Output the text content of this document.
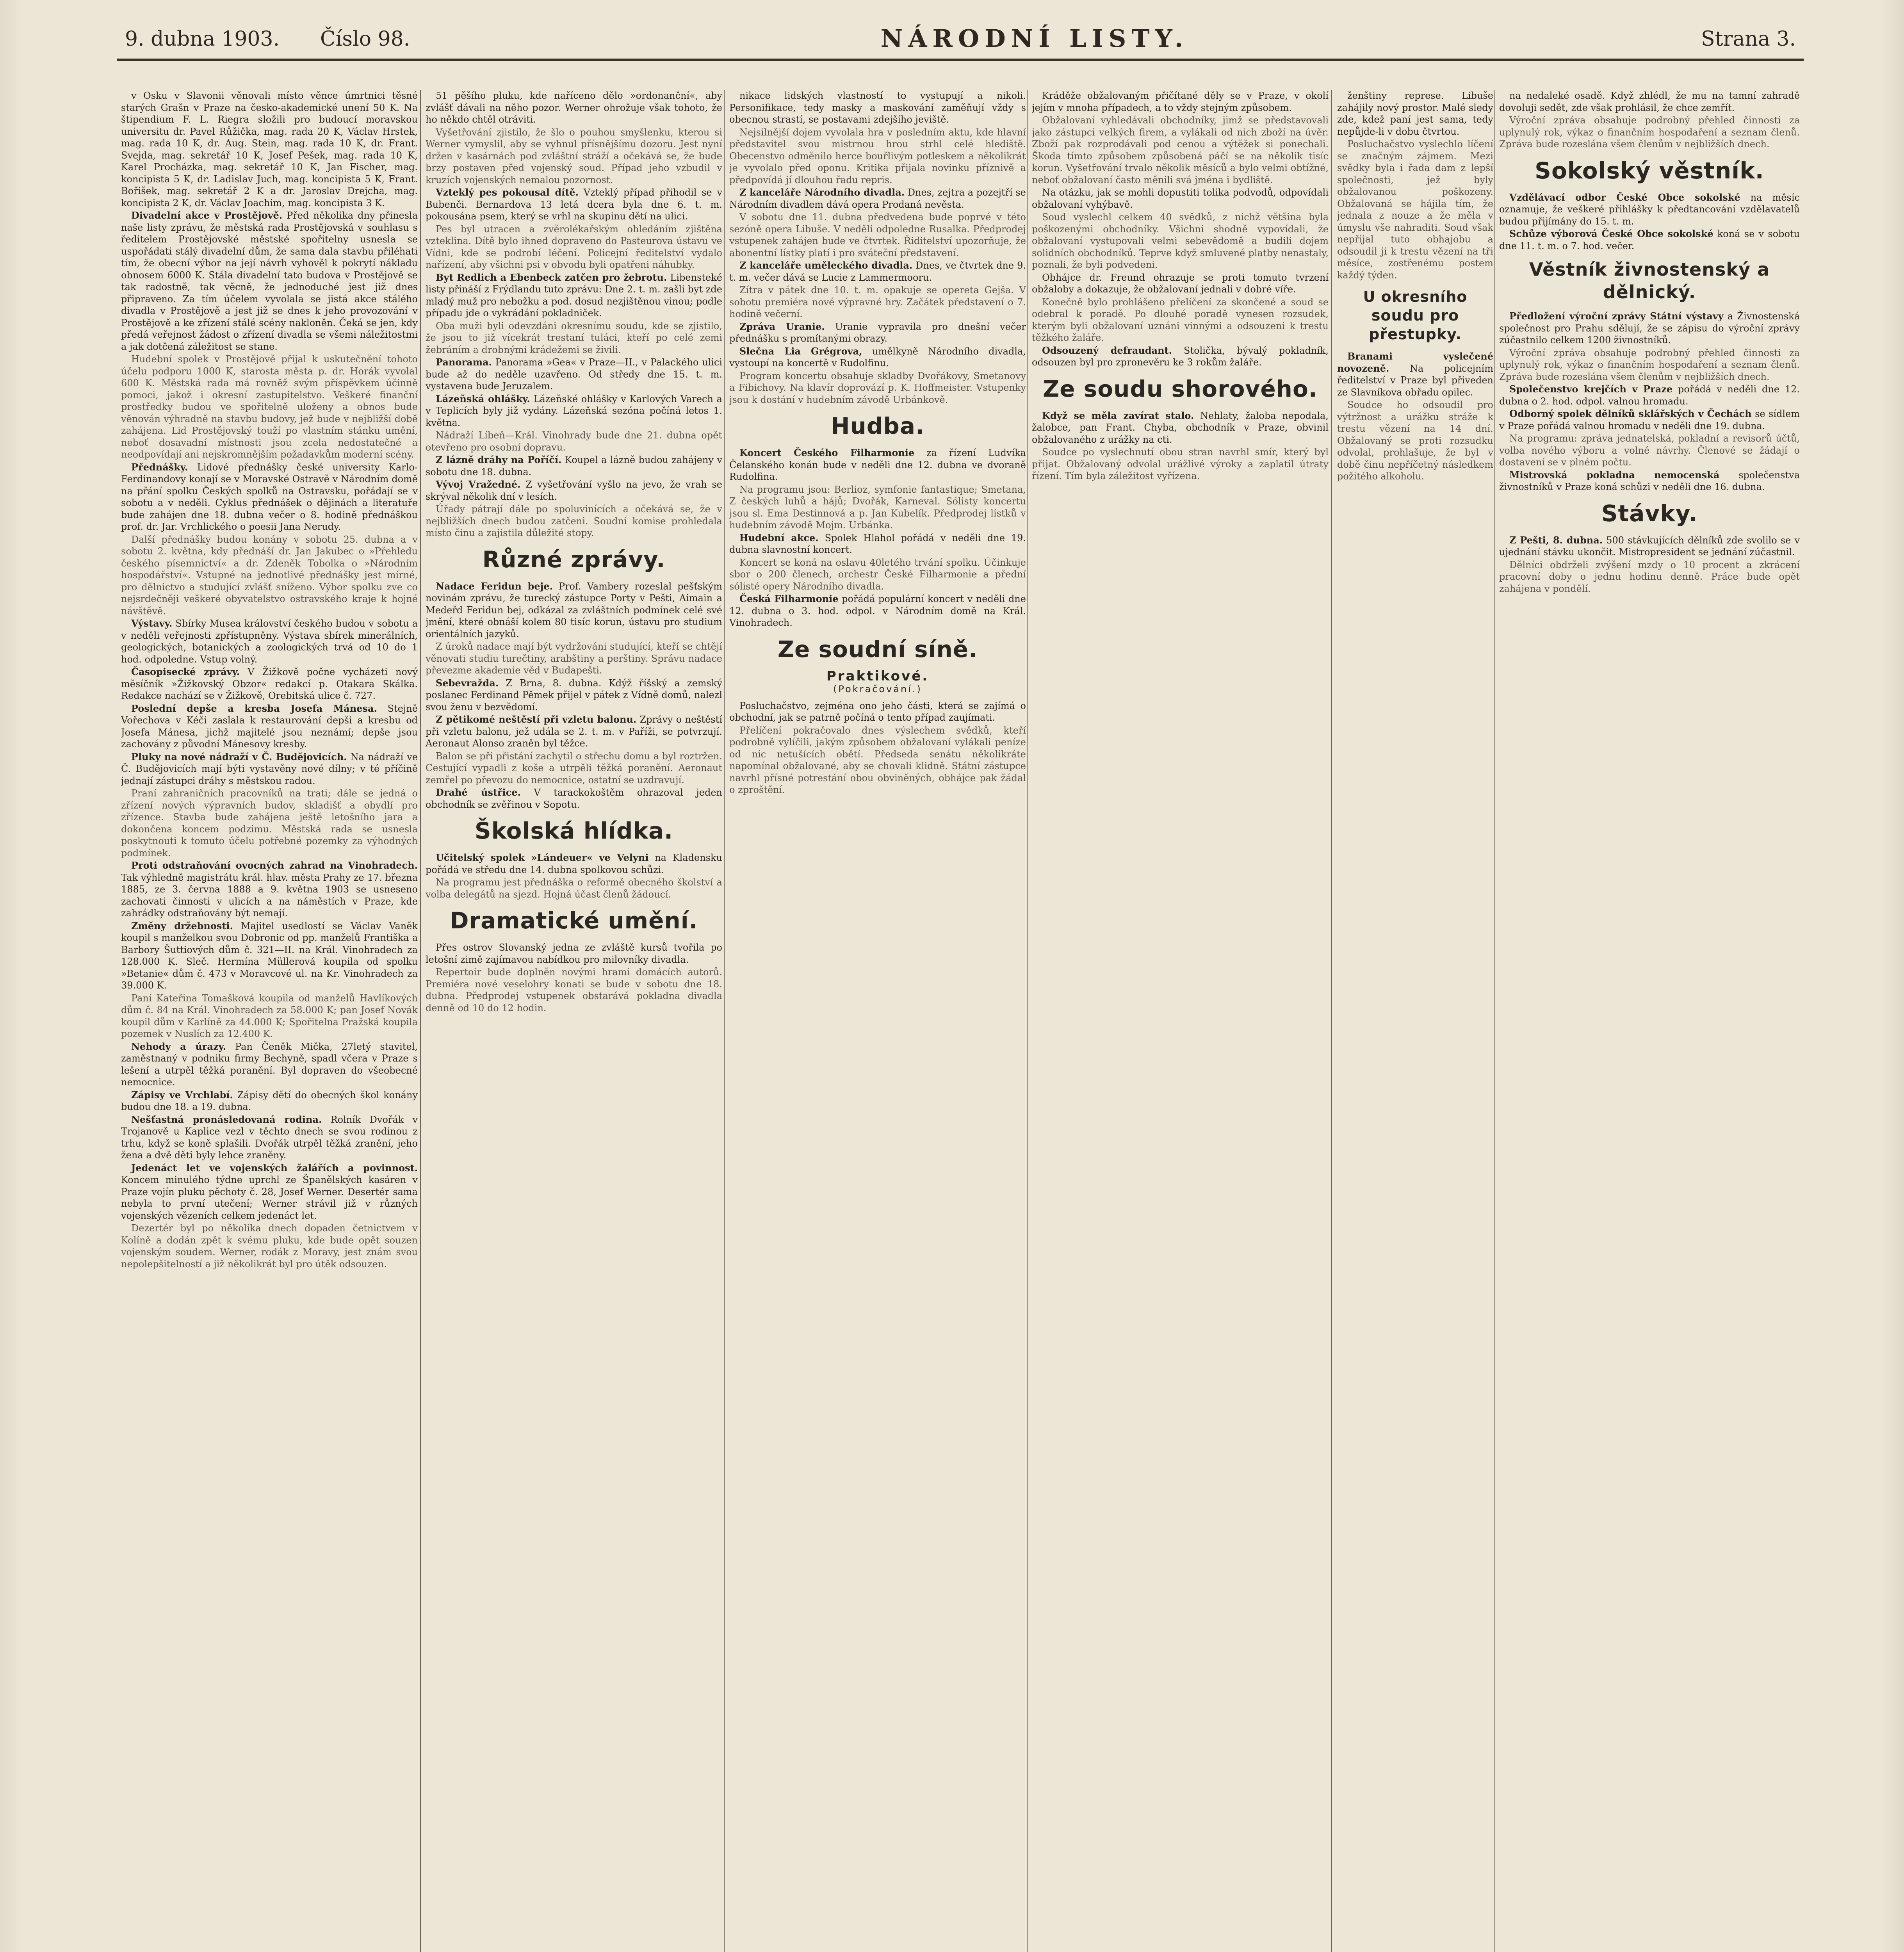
9. dubna 1903. Číslo 98.	NÁRODNÍ LISTY.	Strana 3.

v Osku v Slavonii věnovali místo věnce úmrtnici těsné starých Grašn v Praze na česko-akademické unení 50 K. Na štipendium F. L. Riegra složili pro budoucí moravskou universitu dr. Pavel Růžička, mag. rada 20 K, Václav Hrstek, mag. rada 10 K, dr. Aug. Stein, mag. rada 10 K, dr. Frant. Svejda, mag. sekretář 10 K, Josef Pešek, mag. rada 10 K, Karel Procházka, mag. sekretář 10 K, Jan Fischer, mag. koncipista 5 K, dr. Ladislav Juch, mag. koncipista 5 K, Frant. Bořišek, mag. sekretář 2 K a dr. Jaroslav Drejcha, mag. koncipista 2 K, dr. Václav Joachim, mag. koncipista 3 K.

Divadelní akce v Prostějově. Před několika dny přinesla naše listy zprávu, že městská rada Prostějovská v souhlasu s ředitelem Prostějovské městské spořitelny usnesla se uspořádati stálý divadelní dům, že sama dala stavbu přiléhati tím, že obecní výbor na její návrh vyhověl k pokrytí nákladu obnosem 6000 K. Stála divadelní tato budova v Prostějově se tak radostně, tak věcně, že jednoduché jest již dnes připraveno. Za tím účelem vyvolala se jistá akce stálého divadla v Prostějově a jest již se dnes k jeho provozování v Prostějově a ke zřízení stálé scény nakloněn. Čeká se jen, kdy předá veřejnost žádost o zřízení divadla se všemi náležitostmi a jak dotčená záležitost se stane.

Hudební spolek v Prostějově přijal k uskutečnění tohoto účelu podporu 1000 K, starosta města p. dr. Horák vyvolal 600 K. Městská rada má rovněž svým příspěvkem účinně pomoci, jakož i okresní zastupitelstvo. Veškeré finanční prostředky budou ve spořitelně uloženy a obnos bude věnován výhradně na stavbu budovy, jež bude v nejbližší době zahájena. Lid Prostějovský touží po vlastním stánku umění, neboť dosavadní místnosti jsou zcela nedostatečné a neodpovídají ani nejskromnějším požadavkům moderní scény.

Přednášky. Lidové přednášky české university Karlo-Ferdinandovy konají se v Moravské Ostravě v Národním domě na přání spolku Českých spolků na Ostravsku, pořádají se v sobotu a v neděli. Cyklus přednášek o dějinách a literatuře bude zahájen dne 18. dubna večer o 8. hodině přednáškou prof. dr. Jar. Vrchlického o poesii Jana Nerudy.

Další přednášky budou konány v sobotu 25. dubna a v sobotu 2. května, kdy přednáší dr. Jan Jakubec o »Přehledu českého písemnictví« a dr. Zdeněk Tobolka o »Národním hospodářství«. Vstupné na jednotlivé přednášky jest mírné, pro dělnictvo a studující zvlášť sníženo. Výbor spolku zve co nejsrdečněji veškeré obyvatelstvo ostravského kraje k hojné návštěvě.

Výstavy. Sbírky Musea království českého budou v sobotu a v neděli veřejnosti zpřístupněny. Výstava sbírek minerálních, geologických, botanických a zoologických trvá od 10 do 1 hod. odpoledne. Vstup volný.

Časopisecké zprávy. V Žižkově počne vycházeti nový měsíčník »Žižkovský Obzor« redakcí p. Otakara Skálka. Redakce nachází se v Žižkově, Orebitská ulice č. 727.

Poslední depše a kresba Josefa Mánesa. Stejně Vořechova v Kéči zaslala k restaurování depši a kresbu od Josefa Mánesa, jichž majitelé jsou neznámí; depše jsou zachovány z původní Mánesovy kresby.

Pluky na nové nádraží v Č. Budějovicích. Na nádraží ve Č. Budějovicích mají býti vystavěny nové dílny; v té příčině jednají zástupci dráhy s městskou radou.

Praní zahraničních pracovníků na trati; dále se jedná o zřízení nových výpravních budov, skladišť a obydlí pro zřízence. Stavba bude zahájena ještě letošního jara a dokončena koncem podzimu. Městská rada se usnesla poskytnouti k tomuto účelu potřebné pozemky za výhodných podmínek.

Proti odstraňování ovocných zahrad na Vinohradech. Tak výhledně magistrátu král. hlav. města Prahy ze 17. března 1885, ze 3. června 1888 a 9. května 1903 se usneseno zachovati činnosti v ulicích a na náměstích v Praze, kde zahrádky odstraňovány být nemají.

Změny držebnosti. Majitel usedlostí se Václav Vaněk koupil s manželkou svou Dobronic od pp. manželů Františka a Barbory Šuttiových dům č. 321—II. na Král. Vinohradech za 128.000 K. Sleč. Hermína Müllerová koupila od spolku »Betanie« dům č. 473 v Moravcové ul. na Kr. Vinohradech za 39.000 K.

Paní Kateřina Tomašková koupila od manželů Havlíkových dům č. 84 na Král. Vinohradech za 58.000 K; pan Josef Novák koupil dům v Karlíně za 44.000 K; Spořitelna Pražská koupila pozemek v Nuslích za 12.400 K.

Nehody a úrazy. Pan Čeněk Mička, 27letý stavitel, zaměstnaný v podniku firmy Bechyně, spadl včera v Praze s lešení a utrpěl těžká poranění. Byl dopraven do všeobecné nemocnice.

Zápisy ve Vrchlabí. Zápisy dětí do obecných škol konány budou dne 18. a 19. dubna.

Nešťastná pronásledovaná rodina. Rolník Dvořák v Trojanově u Kaplice vezl v těchto dnech se svou rodinou z trhu, když se koně splašili. Dvořák utrpěl těžká zranění, jeho žena a dvě děti byly lehce zraněny.

Jedenáct let ve vojenských žalářích a povinnost. Koncem minulého týdne uprchl ze Španělských kasáren v Praze vojín pluku pěchoty č. 28, Josef Werner. Desertér sama nebyla to první utečení; Werner strávil již v různých vojenských vězeních celkem jedenáct let.

Dezertér byl po několika dnech dopaden četnictvem v Kolíně a dodán zpět k svému pluku, kde bude opět souzen vojenským soudem. Werner, rodák z Moravy, jest znám svou nepolepšitelností a již několikrát byl pro útěk odsouzen.

51 pěšího pluku, kde naříceno dělo »ordonanční«, aby zvlášť dávali na něho pozor. Werner ohrožuje však tohoto, že ho někdo chtěl otráviti.

Vyšetřování zjistilo, že šlo o pouhou smyšlenku, kterou si Werner vymyslil, aby se vyhnul přísnějšímu dozoru. Jest nyní držen v kasárnách pod zvláštní stráží a očekává se, že bude brzy postaven před vojenský soud. Případ jeho vzbudil v kruzích vojenských nemalou pozornost.

Vzteklý pes pokousal dítě. Vzteklý případ přihodil se v Bubenči. Bernardova 13 letá dcera byla dne 6. t. m. pokousána psem, který se vrhl na skupinu dětí na ulici.

Pes byl utracen a zvěrolékařským ohledáním zjištěna vzteklina. Dítě bylo ihned dopraveno do Pasteurova ústavu ve Vídni, kde se podrobí léčení. Policejní ředitelství vydalo nařízení, aby všichni psi v obvodu byli opatřeni náhubky.

Byt Redlich a Ebenbeck zatčen pro žebrotu. Libensteké listy přináší z Frýdlandu tuto zprávu: Dne 2. t. m. zašli byt zde mladý muž pro nebožku a pod. dosud nezjištěnou vinou; podle případu jde o vykrádání pokladniček.

Oba muži byli odevzdáni okresnímu soudu, kde se zjistilo, že jsou to již vícekrát trestaní tuláci, kteří po celé zemi žebráním a drobnými krádežemi se živili.

Panorama. Panorama »Gea« v Praze—II., v Palackého ulici bude až do neděle uzavřeno. Od středy dne 15. t. m. vystavena bude Jeruzalem.

Lázeňská ohlášky. Lázeňské ohlášky v Karlových Varech a v Teplicích byly již vydány. Lázeňská sezóna počíná letos 1. května.

Nádraží Líbeň—Král. Vinohrady bude dne 21. dubna opět otevřeno pro osobní dopravu.

Z lázně dráhy na Poříčí. Koupel a lázně budou zahájeny v sobotu dne 18. dubna.

Vývoj Vražedné. Z vyšetřování vyšlo na jevo, že vrah se skrýval několik dní v lesích.

Úřady pátrají dále po spoluvinících a očekává se, že v nejbližších dnech budou zatčeni. Soudní komise prohledala místo činu a zajistila důležité stopy.

Různé zprávy.

Nadace Feridun beje. Prof. Vambery rozeslal pešťským novinám zprávu, že turecký zástupce Porty v Pešti, Aimain a Medeřd Feridun bej, odkázal za zvláštních podmínek celé své jmění, které obnáší kolem 80 tisíc korun, ústavu pro studium orientálních jazyků.

Z úroků nadace mají být vydržováni studující, kteří se chtějí věnovati studiu turečtiny, arabštiny a perštiny. Správu nadace převezme akademie věd v Budapešti.

Sebevražda. Z Brna, 8. dubna. Kdýž říšský a zemský poslanec Ferdinand Pěmek přijel v pátek z Vídně domů, nalezl svou ženu v bezvědomí.

Z pětikomé neštěstí při vzletu balonu. Zprávy o neštěstí při vzletu balonu, jež udála se 2. t. m. v Paříži, se potvrzují. Aeronaut Alonso zraněn byl těžce.

Balon se při přistání zachytil o střechu domu a byl roztržen. Cestující vypadli z koše a utrpěli těžká poranění. Aeronaut zemřel po převozu do nemocnice, ostatní se uzdravují.

Drahé ústřice. V tarackokoštěm ohrazoval jeden obchodník se zvěřinou v Sopotu.

Školská hlídka.

Učitelský spolek »Lándeuer« ve Velyni na Kladensku pořádá ve středu dne 14. dubna spolkovou schůzi.

Na programu jest přednáška o reformě obecného školství a volba delegátů na sjezd. Hojná účast členů žádoucí.

Dramatické umění.

Přes ostrov Slovanský jedna ze zvláště kursů tvořila po letošní zimě zajímavou nabídkou pro milovníky divadla.

Repertoir bude doplněn novými hrami domácích autorů. Premiéra nové veselohry konati se bude v sobotu dne 18. dubna. Předprodej vstupenek obstarává pokladna divadla denně od 10 do 12 hodin.

nikace lidských vlastností to vystupují a nikoli. Personifikace, tedy masky a maskování zaměňují vždy s obecnou strastí, se postavami zdejšího jeviště.

Nejsilnější dojem vyvolala hra v posledním aktu, kde hlavní představitel svou mistrnou hrou strhl celé hlediště. Obecenstvo odměnilo herce bouřlivým potleskem a několikrát je vyvolalo před oponu. Kritika přijala novinku příznivě a předpovídá jí dlouhou řadu repris.

Z kanceláře Národního divadla. Dnes, zejtra a pozejtří se Národním divadlem dává opera Prodaná nevěsta.

V sobotu dne 11. dubna předvedena bude poprvé v této sezóně opera Libuše. V neděli odpoledne Rusalka. Předprodej vstupenek zahájen bude ve čtvrtek. Řiditelství upozorňuje, že abonentní lístky platí i pro sváteční představení.

Z kanceláře uměleckého divadla. Dnes, ve čtvrtek dne 9. t. m. večer dává se Lucie z Lammermooru.

Zítra v pátek dne 10. t. m. opakuje se opereta Gejša. V sobotu premiéra nové výpravné hry. Začátek představení o 7. hodině večerní.

Zpráva Uranie. Uranie vypravila pro dnešní večer přednášku s promítanými obrazy.

Slečna Lia Grégrova, umělkyně Národního divadla, vystoupí na koncertě v Rudolfinu.

Program koncertu obsahuje skladby Dvořákovy, Smetanovy a Fibichovy. Na klavír doprovází p. K. Hoffmeister. Vstupenky jsou k dostání v hudebním závodě Urbánkově.

Hudba.

Koncert Českého Filharmonie za řízení Ludvíka Čelanského konán bude v neděli dne 12. dubna ve dvoraně Rudolfina.

Na programu jsou: Berlioz, symfonie fantastique; Smetana, Z českých luhů a hájů; Dvořák, Karneval. Sólisty koncertu jsou sl. Ema Destinnová a p. Jan Kubelík. Předprodej lístků v hudebním závodě Mojm. Urbánka.

Hudební akce. Spolek Hlahol pořádá v neděli dne 19. dubna slavnostní koncert.

Koncert se koná na oslavu 40letého trvání spolku. Účinkuje sbor o 200 členech, orchestr České Filharmonie a přední sólisté opery Národního divadla.

Česká Filharmonie pořádá populární koncert v neděli dne 12. dubna o 3. hod. odpol. v Národním domě na Král. Vinohradech.

Ze soudní síně.
Praktikové.
(Pokračování.)

Posluchačstvo, zejména ono jeho části, která se zajímá o obchodní, jak se patrně počíná o tento případ zaujímati.

Přelíčení pokračovalo dnes výslechem svědků, kteří podrobně vylíčili, jakým způsobem obžalovaní vylákali peníze od nic netušících obětí. Předseda senátu několikráte napomínal obžalované, aby se chovali klidně. Státní zástupce navrhl přísné potrestání obou obviněných, obhájce pak žádal o zproštění.

Kráděže obžalovaným přičítané děly se v Praze, v okolí jejím v mnoha případech, a to vždy stejným způsobem.

Obžalovaní vyhledávali obchodníky, jimž se představovali jako zástupci velkých firem, a vylákali od nich zboží na úvěr. Zboží pak rozprodávali pod cenou a výtěžek si ponechali. Škoda tímto způsobem způsobená páčí se na několik tisíc korun. Vyšetřování trvalo několik měsíců a bylo velmi obtížné, neboť obžalovaní často měnili svá jména i bydliště.

Na otázku, jak se mohli dopustiti tolika podvodů, odpovídali obžalovaní vyhýbavě.

Soud vyslechl celkem 40 svědků, z nichž většina byla poškozenými obchodníky. Všichni shodně vypovídali, že obžalovaní vystupovali velmi sebevědomě a budili dojem solidních obchodníků. Teprve když smluvené platby nenastaly, poznali, že byli podvedeni.

Obhájce dr. Freund ohrazuje se proti tomuto tvrzení obžaloby a dokazuje, že obžalovaní jednali v dobré víře.

Konečně bylo prohlášeno přelíčení za skončené a soud se odebral k poradě. Po dlouhé poradě vynesen rozsudek, kterým byli obžalovaní uznáni vinnými a odsouzeni k trestu těžkého žaláře.

Odsouzený defraudant. Stolička, bývalý pokladník, odsouzen byl pro zpronevěru ke 3 rokům žaláře.

Ze soudu shorového.

Když se měla zavírat stalo. Nehlaty, žaloba nepodala, žalobce, pan Frant. Chyba, obchodník v Praze, obvinil obžalovaného z urážky na cti.

Soudce po vyslechnutí obou stran navrhl smír, který byl přijat. Obžalovaný odvolal urážlivé výroky a zaplatil útraty řízení. Tím byla záležitost vyřízena.

ženštiny represe. Libuše zahájily nový prostor. Malé sledy zde, kdež paní jest sama, tedy nepůjde-li v dobu čtvrtou.

Posluchačstvo vyslechlo líčení se značným zájmem. Mezi svědky byla i řada dam z lepší společnosti, jež byly obžalovanou poškozeny. Obžalovaná se hájila tím, že jednala z nouze a že měla v úmyslu vše nahraditi. Soud však nepřijal tuto obhajobu a odsoudil ji k trestu vězení na tři měsíce, zostřenému postem každý týden.

U okresního soudu pro přestupky.

Branami vyslečené novozeně. Na policejním ředitelství v Praze byl přiveden ze Slavníkova obřadu opilec.

Soudce ho odsoudil pro výtržnost a urážku stráže k trestu vězení na 14 dní. Obžalovaný se proti rozsudku odvolal, prohlašuje, že byl v době činu nepříčetný následkem požitého alkoholu.

na nedaleké osadě. Když zhlédl, že mu na tamní zahradě dovoluji sedět, zde však prohlásil, že chce zemřít.

Výroční zpráva obsahuje podrobný přehled činnosti za uplynulý rok, výkaz o finančním hospodaření a seznam členů. Zpráva bude rozeslána všem členům v nejbližších dnech.

Sokolský věstník.

Vzdělávací odbor České Obce sokolské na měsíc oznamuje, že veškeré přihlášky k předtancování vzdělavatelů budou přijímány do 15. t. m.

Schůze výborová České Obce sokolské koná se v sobotu dne 11. t. m. o 7. hod. večer.

Věstník živnostenský a dělnický.

Předložení výroční zprávy Státní výstavy a Živnostenská společnost pro Prahu sdělují, že se zápisu do výroční zprávy zúčastnilo celkem 1200 živnostníků.

Výroční zpráva obsahuje podrobný přehled činnosti za uplynulý rok, výkaz o finančním hospodaření a seznam členů. Zpráva bude rozeslána všem členům v nejbližších dnech.

Společenstvo krejčích v Praze pořádá v neděli dne 12. dubna o 2. hod. odpol. valnou hromadu.

Odborný spolek dělníků sklářských v Čechách se sídlem v Praze pořádá valnou hromadu v neděli dne 19. dubna.

Na programu: zpráva jednatelská, pokladní a revisorů účtů, volba nového výboru a volné návrhy. Členové se žádají o dostavení se v plném počtu.

Mistrovská pokladna nemocenská společenstva živnostníků v Praze koná schůzi v neděli dne 16. dubna.

Stávky.

Z Pešti, 8. dubna. 500 stávkujících dělníků zde svolilo se v ujednání stávku ukončit. Mistropresident se jednání zúčastnil.

Dělníci obdrželi zvýšení mzdy o 10 procent a zkrácení pracovní doby o jednu hodinu denně. Práce bude opět zahájena v pondělí.
